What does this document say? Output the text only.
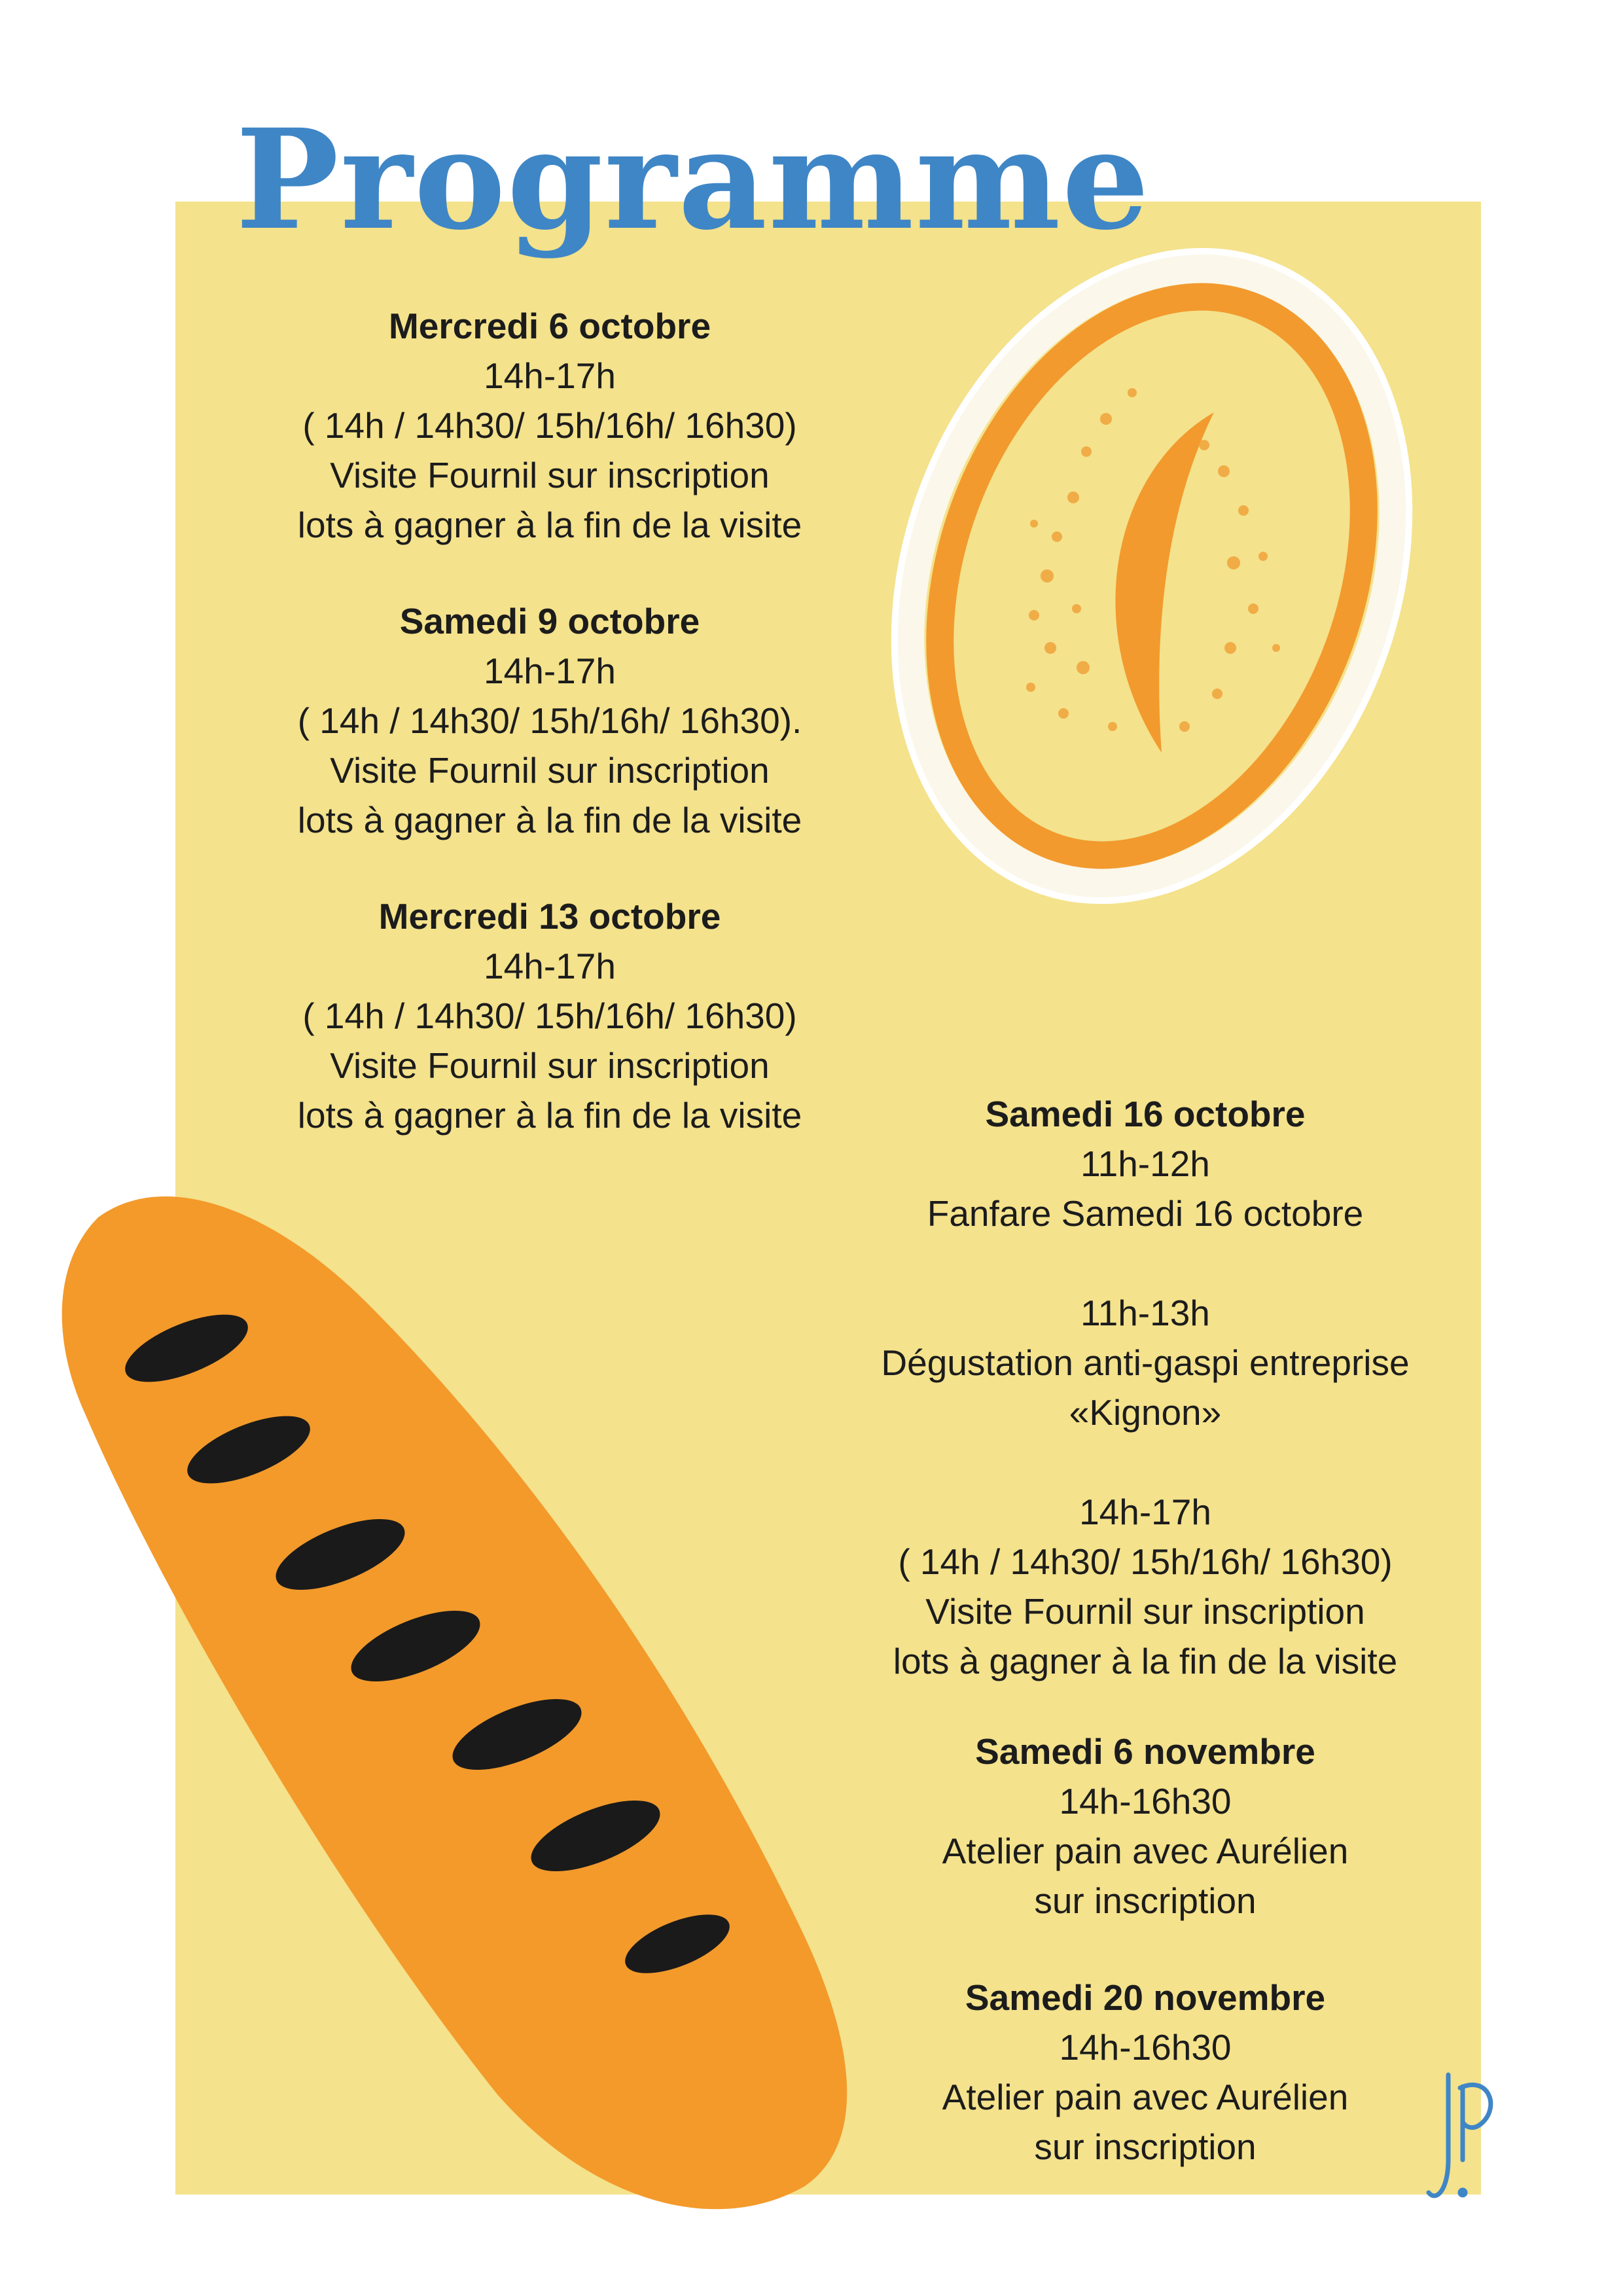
Programme
Mercredi 6 octobre
14h-17h
( 14h / 14h30/ 15h/16h/ 16h30)
Visite Fournil sur inscription
lots à gagner à la fin de la visite
Samedi 9 octobre
14h-17h
( 14h / 14h30/ 15h/16h/ 16h30).
Visite Fournil sur inscription
lots à gagner à la fin de la visite
Mercredi 13 octobre
14h-17h
( 14h / 14h30/ 15h/16h/ 16h30)
Visite Fournil sur inscription
lots à gagner à la fin de la visite	Samedi 16 octobre
11h-12h
Fanfare Samedi 16 octobre
11h-13h
Dégustation anti-gaspi entreprise
«Kignon»
14h-17h
( 14h / 14h30/ 15h/16h/ 16h30)
Visite Fournil sur inscription
lots à gagner à la fin de la visite
Samedi 6 novembre
14h-16h30
Atelier pain avec Aurélien
sur inscription
Samedi 20 novembre
14h-16h30
Atelier pain avec Aurélien
sur inscription
